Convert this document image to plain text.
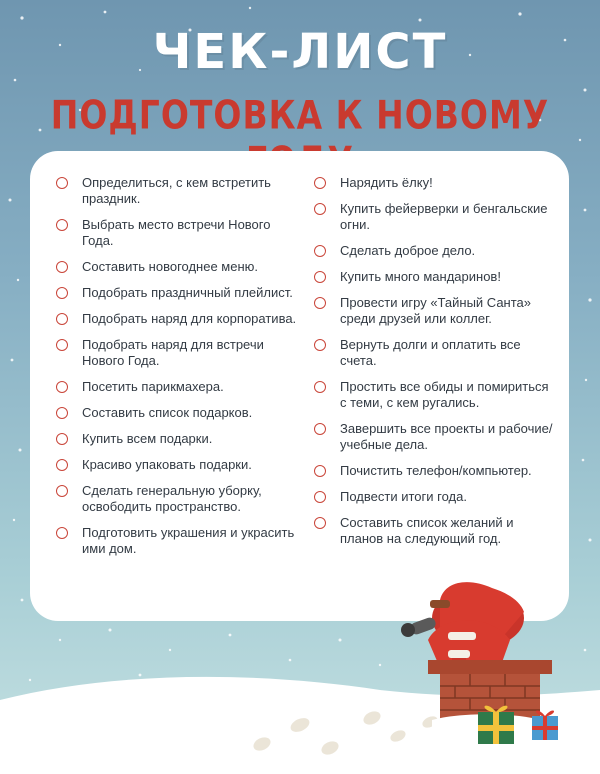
ЧЕК-ЛИСТ
ПОДГОТОВКА К НОВОМУ
Определиться, с кем встретить праздник.
Выбрать место встречи Нового Года.
Составить новогоднее меню.
Подобрать праздничный плейлист.
Подобрать наряд для корпоратива.
Подобрать наряд для встречи Нового Года.
Посетить парикмахера.
Составить список подарков.
Купить всем подарки.
Красиво упаковать подарки.
Сделать генеральную уборку, освободить пространство.
Подготовить украшения и украсить ими дом.
Нарядить ёлку!
Купить фейерверки и бенгальские огни.
Сделать доброе дело.
Купить много мандаринов!
Провести игру «Тайный Санта» среди друзей или коллег.
Вернуть долги и оплатить все счета.
Простить все обиды и помириться с теми, с кем ругались.
Завершить все проекты и рабочие/учебные дела.
Почистить телефон/компьютер.
Подвести итоги года.
Составить список желаний и планов на следующий год.
